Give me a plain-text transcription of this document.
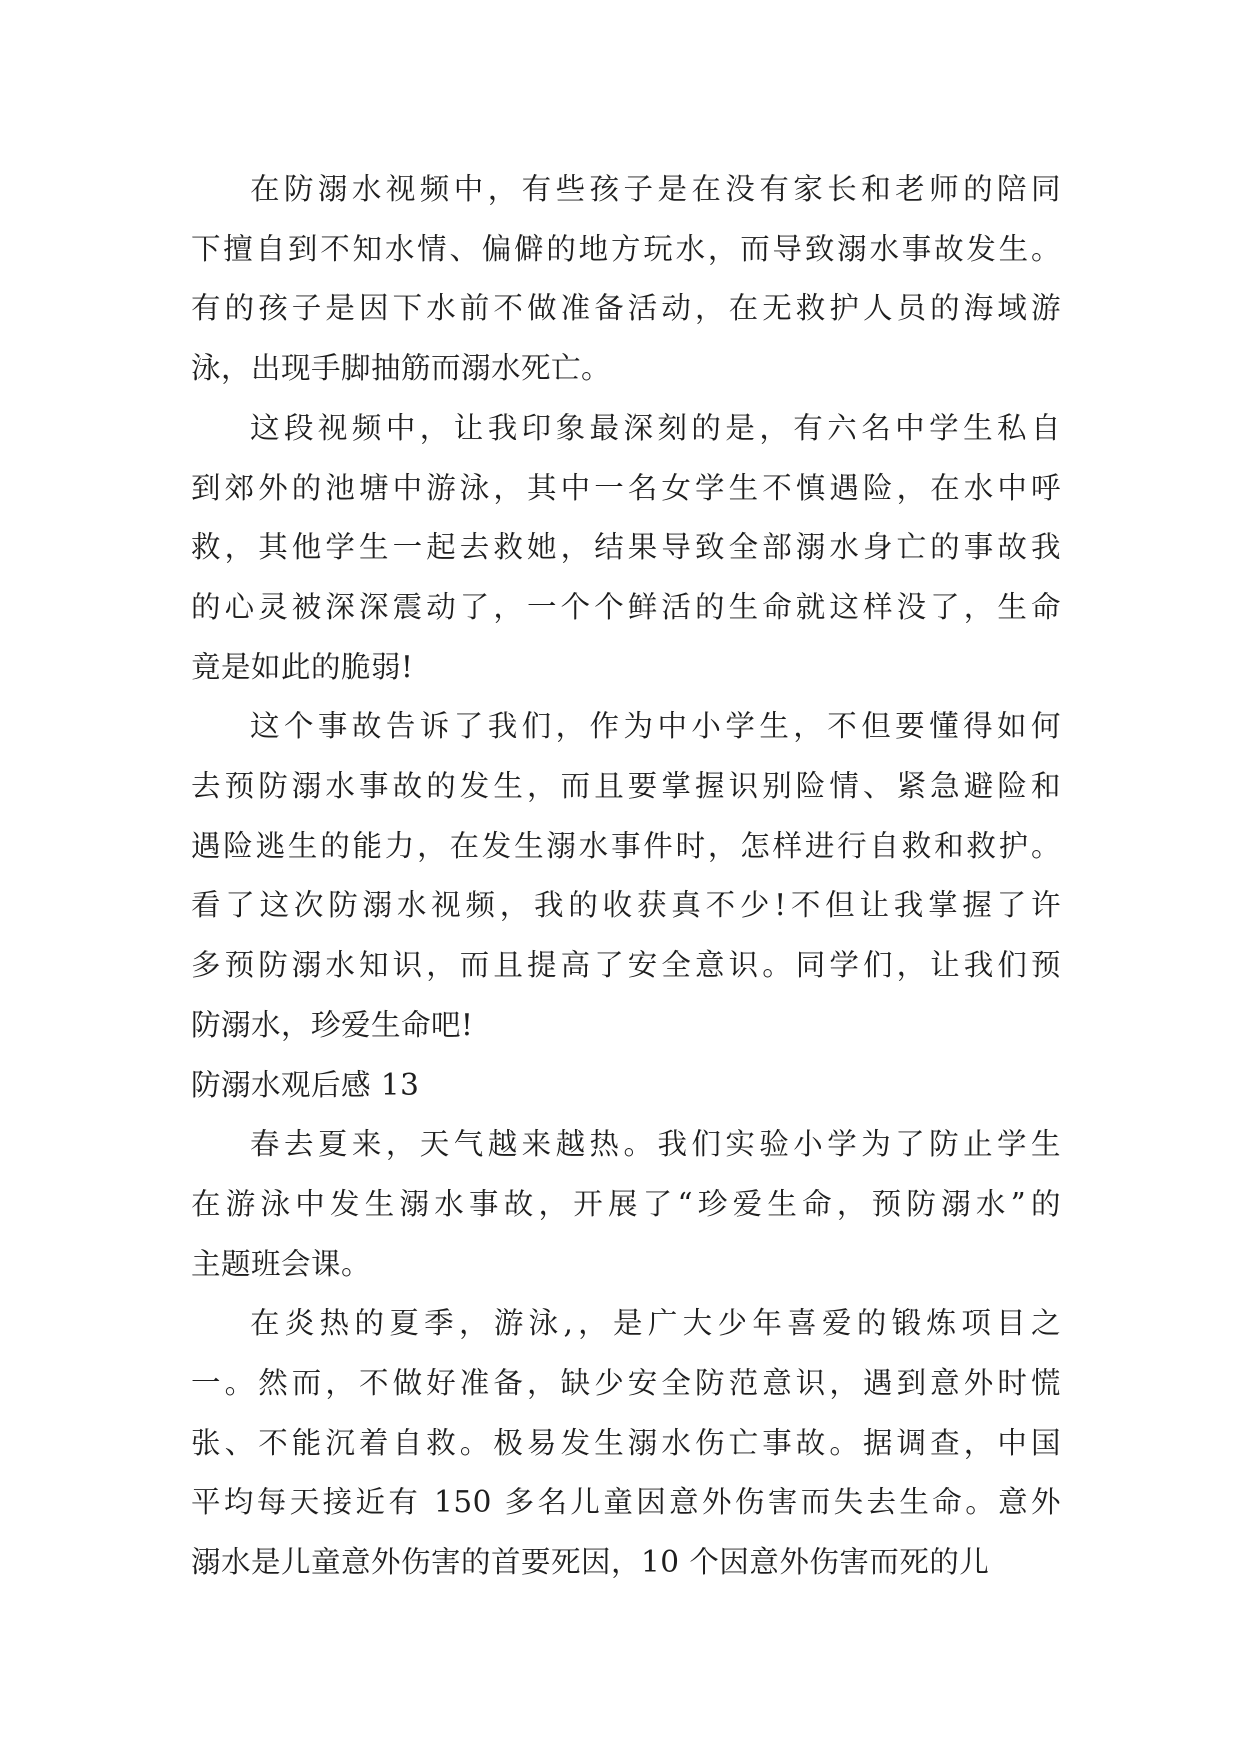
在防溺水视频中，有些孩子是在没有家长和老师的陪同
下擅自到不知水情、偏僻的地方玩水，而导致溺水事故发生。
有的孩子是因下水前不做准备活动，在无救护人员的海域游
泳，出现手脚抽筋而溺水死亡。
这段视频中，让我印象最深刻的是，有六名中学生私自
到郊外的池塘中游泳，其中一名女学生不慎遇险，在水中呼
救，其他学生一起去救她，结果导致全部溺水身亡的事故我
的心灵被深深震动了，一个个鲜活的生命就这样没了，生命
竟是如此的脆弱!
这个事故告诉了我们，作为中小学生，不但要懂得如何
去预防溺水事故的发生，而且要掌握识别险情、紧急避险和
遇险逃生的能力，在发生溺水事件时，怎样进行自救和救护。
看了这次防溺水视频，我的收获真不少!不但让我掌握了许
多预防溺水知识，而且提高了安全意识。同学们，让我们预
防溺水，珍爱生命吧!
防溺水观后感 13
春去夏来，天气越来越热。我们实验小学为了防止学生
在游泳中发生溺水事故，开展了“珍爱生命，预防溺水”的
主题班会课。
在炎热的夏季，游泳,，是广大少年喜爱的锻炼项目之
一。然而，不做好准备，缺少安全防范意识，遇到意外时慌
张、不能沉着自救。极易发生溺水伤亡事故。据调查，中国
平均每天接近有 150 多名儿童因意外伤害而失去生命。意外
溺水是儿童意外伤害的首要死因，10 个因意外伤害而死的儿
